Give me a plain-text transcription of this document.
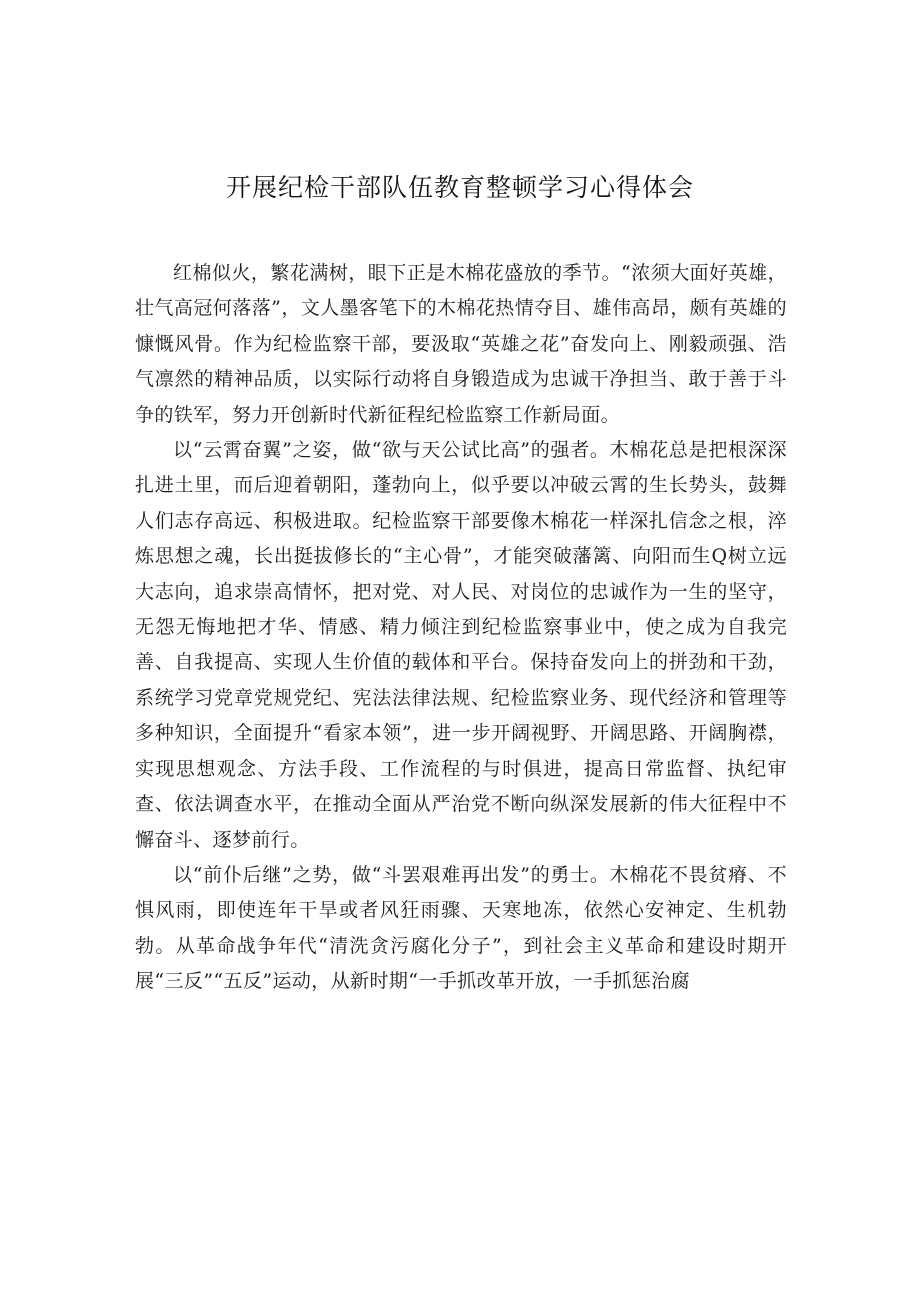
开展纪检干部队伍教育整顿学习心得体会

红棉似火，繁花满树，眼下正是木棉花盛放的季节。“浓须大面好英雄，壮气高冠何落落”，文人墨客笔下的木棉花热情夺目、雄伟高昂，颇有英雄的慷慨风骨。作为纪检监察干部，要汲取“英雄之花”奋发向上、刚毅顽强、浩气凛然的精神品质，以实际行动将自身锻造成为忠诚干净担当、敢于善于斗争的铁军，努力开创新时代新征程纪检监察工作新局面。

以“云霄奋翼”之姿，做“欲与天公试比高”的强者。木棉花总是把根深深扎进土里，而后迎着朝阳，蓬勃向上，似乎要以冲破云霄的生长势头，鼓舞人们志存高远、积极进取。纪检监察干部要像木棉花一样深扎信念之根，淬炼思想之魂，长出挺拔修长的“主心骨”，才能突破藩篱、向阳而生Q树立远大志向，追求崇高情怀，把对党、对人民、对岗位的忠诚作为一生的坚守，无怨无悔地把才华、情感、精力倾注到纪检监察事业中，使之成为自我完善、自我提高、实现人生价值的载体和平台。保持奋发向上的拼劲和干劲，系统学习党章党规党纪、宪法法律法规、纪检监察业务、现代经济和管理等多种知识，全面提升“看家本领”，进一步开阔视野、开阔思路、开阔胸襟，实现思想观念、方法手段、工作流程的与时俱进，提高日常监督、执纪审查、依法调查水平，在推动全面从严治党不断向纵深发展新的伟大征程中不懈奋斗、逐梦前行。

以“前仆后继”之势，做“斗罢艰难再出发”的勇士。木棉花不畏贫瘠、不惧风雨，即使连年干旱或者风狂雨骤、天寒地冻，依然心安神定、生机勃勃。从革命战争年代“清洗贪污腐化分子”，到社会主义革命和建设时期开展“三反”“五反”运动，从新时期“一手抓改革开放，一手抓惩治腐
